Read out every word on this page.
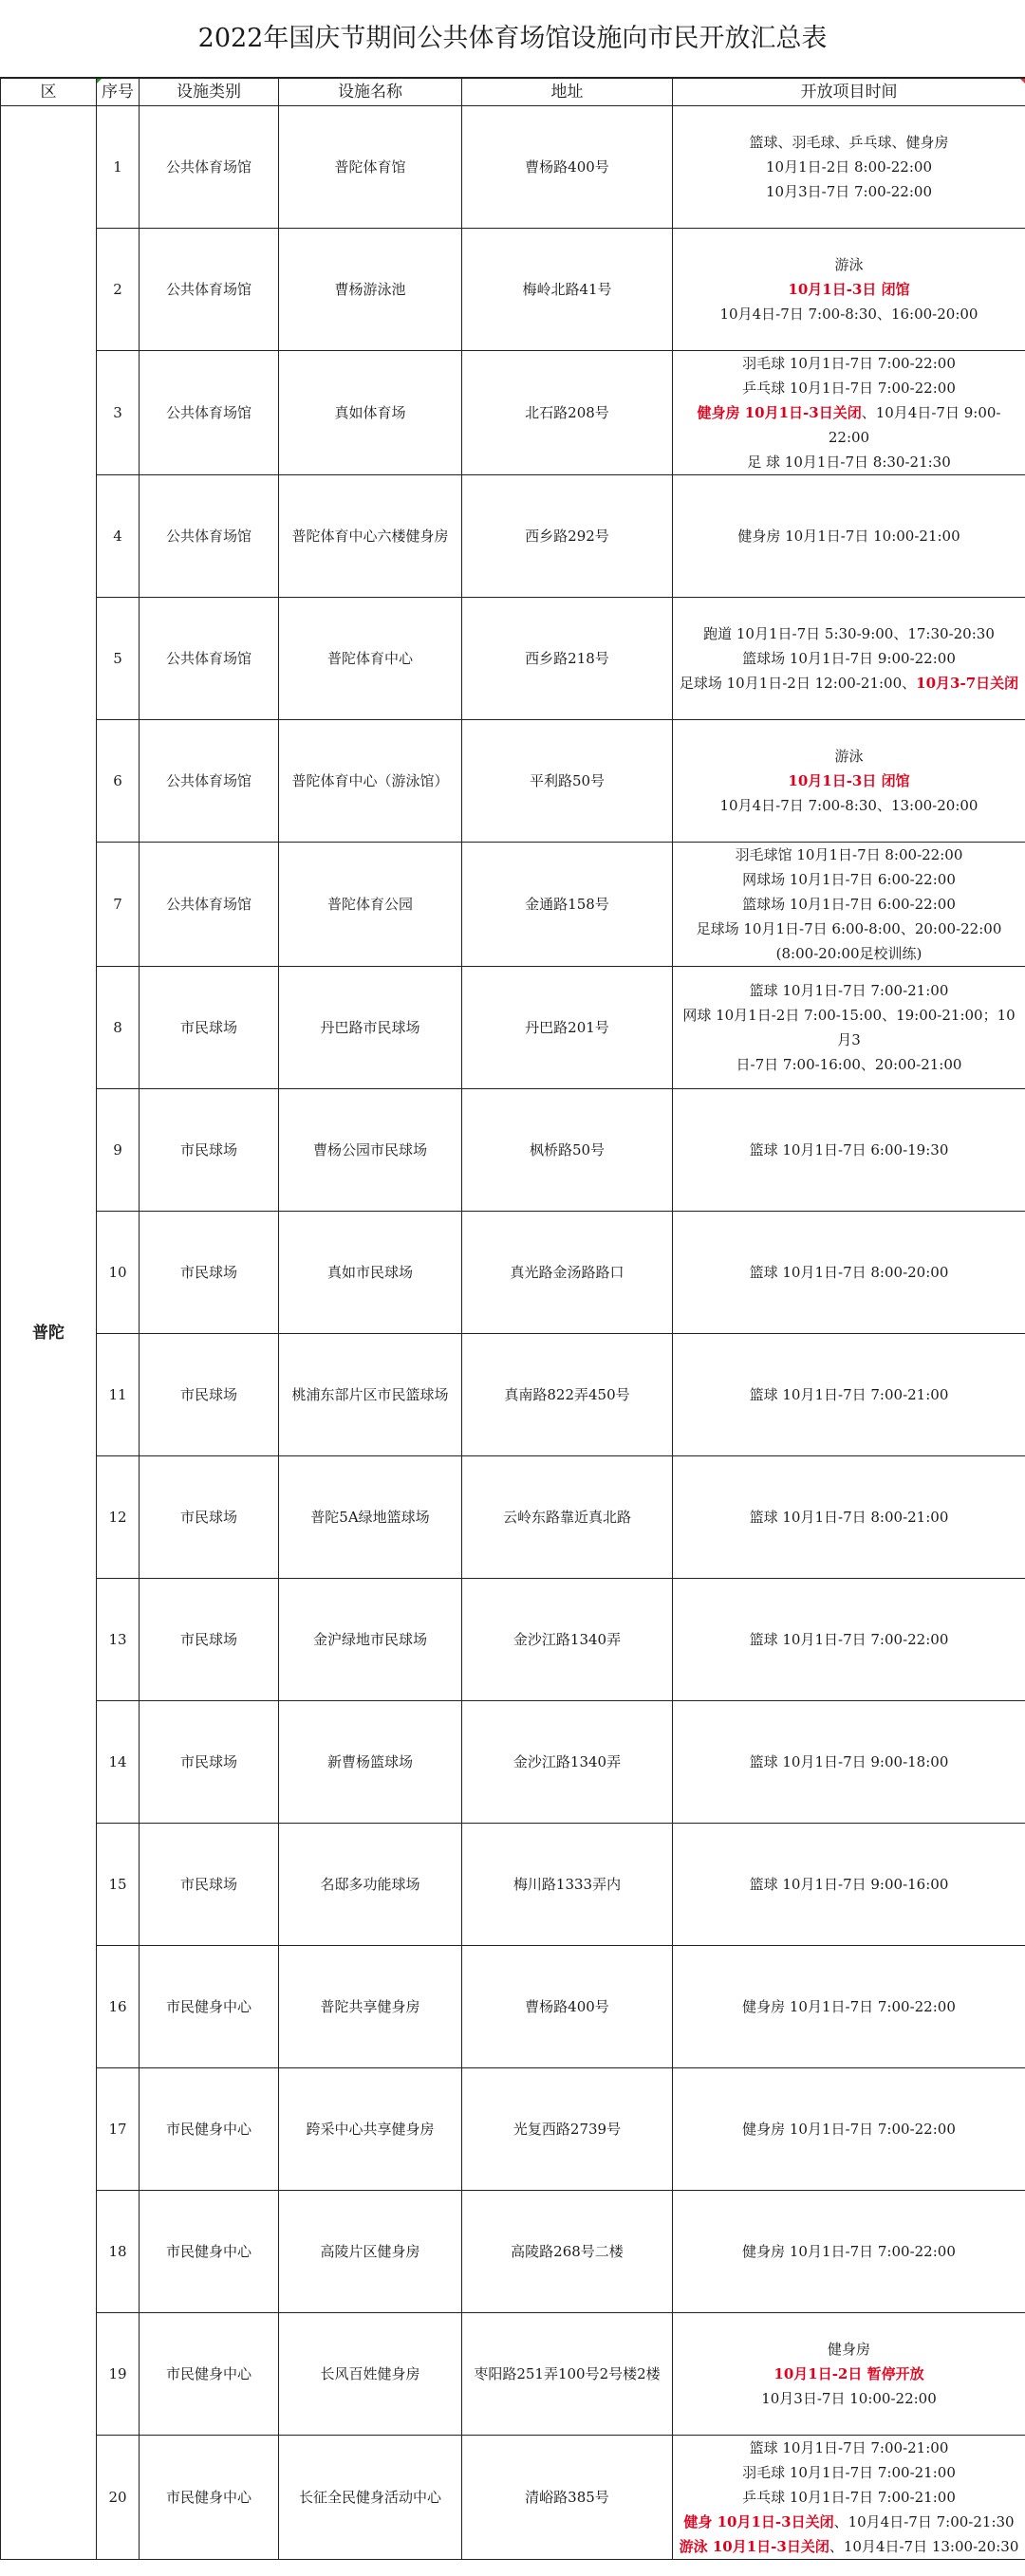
2022年国庆节期间公共体育场馆设施向市民开放汇总表
区	序号	设施类别	设施名称	地址	开放项目时间
普陀	1	公共体育场馆	普陀体育馆	曹杨路400号	篮球、羽毛球、乒乓球、健身房
10月1日-2日 8:00-22:00
10月3日-7日 7:00-22:00

	2	公共体育场馆	曹杨游泳池	梅岭北路41号	游泳
10月1日-3日 闭馆
10月4日-7日 7:00-8:30、16:00-20:00

	3	公共体育场馆	真如体育场	北石路208号	羽毛球 10月1日-7日 7:00-22:00
乒乓球 10月1日-7日 7:00-22:00
健身房 10月1日-3日关闭、10月4日-7日 9:00-22:00
足 球 10月1日-7日 8:30-21:30

	4	公共体育场馆	普陀体育中心六楼健身房	西乡路292号	健身房 10月1日-7日 10:00-21:00

	5	公共体育场馆	普陀体育中心	西乡路218号	跑道 10月1日-7日 5:30-9:00、17:30-20:30
篮球场 10月1日-7日 9:00-22:00
足球场 10月1日-2日 12:00-21:00、10月3-7日关闭

	6	公共体育场馆	普陀体育中心（游泳馆）	平利路50号	游泳
10月1日-3日 闭馆
10月4日-7日 7:00-8:30、13:00-20:00

	7	公共体育场馆	普陀体育公园	金通路158号	羽毛球馆 10月1日-7日 8:00-22:00
网球场 10月1日-7日 6:00-22:00
篮球场 10月1日-7日 6:00-22:00
足球场 10月1日-7日 6:00-8:00、20:00-22:00
(8:00-20:00足校训练)

	8	市民球场	丹巴路市民球场	丹巴路201号	篮球 10月1日-7日 7:00-21:00
网球 10月1日-2日 7:00-15:00、19:00-21:00；10月3
日-7日 7:00-16:00、20:00-21:00

	9	市民球场	曹杨公园市民球场	枫桥路50号	篮球 10月1日-7日 6:00-19:30

	10	市民球场	真如市民球场	真光路金汤路路口	篮球 10月1日-7日 8:00-20:00

	11	市民球场	桃浦东部片区市民篮球场	真南路822弄450号	篮球 10月1日-7日 7:00-21:00

	12	市民球场	普陀5A绿地篮球场	云岭东路靠近真北路	篮球 10月1日-7日 8:00-21:00

	13	市民球场	金沪绿地市民球场	金沙江路1340弄	篮球 10月1日-7日 7:00-22:00

	14	市民球场	新曹杨篮球场	金沙江路1340弄	篮球 10月1日-7日 9:00-18:00

	15	市民球场	名邸多功能球场	梅川路1333弄内	篮球 10月1日-7日 9:00-16:00

	16	市民健身中心	普陀共享健身房	曹杨路400号	健身房 10月1日-7日 7:00-22:00

	17	市民健身中心	跨采中心共享健身房	光复西路2739号	健身房 10月1日-7日 7:00-22:00

	18	市民健身中心	高陵片区健身房	高陵路268号二楼	健身房 10月1日-7日 7:00-22:00

	19	市民健身中心	长风百姓健身房	枣阳路251弄100号2号楼2楼	健身房
10月1日-2日 暂停开放
10月3日-7日 10:00-22:00

	20	市民健身中心	长征全民健身活动中心	清峪路385号	篮球 10月1日-7日 7:00-21:00
羽毛球 10月1日-7日 7:00-21:00
乒乓球 10月1日-7日 7:00-21:00
健身 10月1日-3日关闭、10月4日-7日 7:00-21:30
游泳 10月1日-3日关闭、10月4日-7日 13:00-20:30
